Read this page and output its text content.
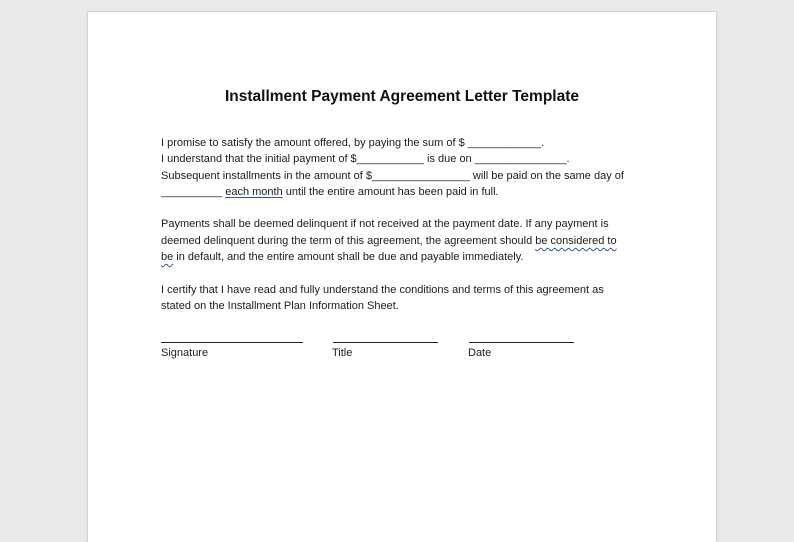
Installment Payment Agreement Letter Template
I promise to satisfy the amount offered, by paying the sum of $ ____________.
I understand that the initial payment of $___________ is due on _______________.
Subsequent installments in the amount of $________________ will be paid on the same day of
__________ each month until the entire amount has been paid in full.
Payments shall be deemed delinquent if not received at the payment date. If any payment is
deemed delinquent during the term of this agreement, the agreement should be considered to
be in default, and the entire amount shall be due and payable immediately.
I certify that I have read and fully understand the conditions and terms of this agreement as
stated on the Installment Plan Information Sheet.
Signature	Title	Date
